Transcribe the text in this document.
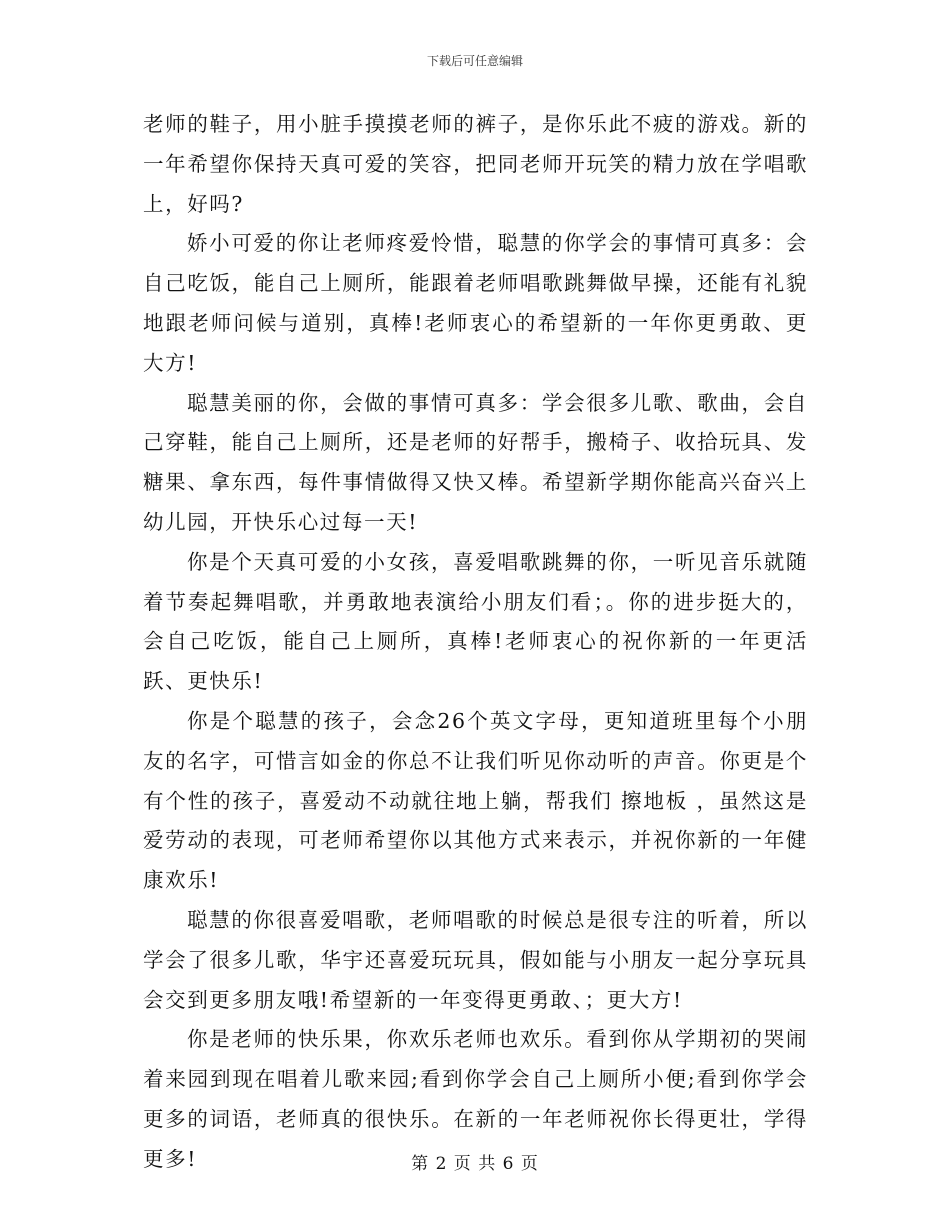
下载后可任意编辑

老师的鞋子，用小脏手摸摸老师的裤子，是你乐此不疲的游戏。新的一年希望你保持天真可爱的笑容，把同老师开玩笑的精力放在学唱歌上，好吗?

娇小可爱的你让老师疼爱怜惜，聪慧的你学会的事情可真多：会自己吃饭，能自己上厕所，能跟着老师唱歌跳舞做早操，还能有礼貌地跟老师问候与道别，真棒!老师衷心的希望新的一年你更勇敢、更大方!

聪慧美丽的你，会做的事情可真多：学会很多儿歌、歌曲，会自己穿鞋，能自己上厕所，还是老师的好帮手，搬椅子、收拾玩具、发糖果、拿东西，每件事情做得又快又棒。希望新学期你能高兴奋兴上幼儿园，开快乐心过每一天!

你是个天真可爱的小女孩，喜爱唱歌跳舞的你，一听见音乐就随着节奏起舞唱歌，并勇敢地表演给小朋友们看；。你的进步挺大的，会自己吃饭，能自己上厕所，真棒!老师衷心的祝你新的一年更活跃、更快乐!

你是个聪慧的孩子，会念26个英文字母，更知道班里每个小朋友的名字，可惜言如金的你总不让我们听见你动听的声音。你更是个有个性的孩子，喜爱动不动就往地上躺，帮我们 擦地板 ，虽然这是爱劳动的表现，可老师希望你以其他方式来表示，并祝你新的一年健康欢乐!

聪慧的你很喜爱唱歌，老师唱歌的时候总是很专注的听着，所以学会了很多儿歌，华宇还喜爱玩玩具，假如能与小朋友一起分享玩具会交到更多朋友哦!希望新的一年变得更勇敢、；更大方!

你是老师的快乐果，你欢乐老师也欢乐。看到你从学期初的哭闹着来园到现在唱着儿歌来园;看到你学会自己上厕所小便;看到你学会更多的词语，老师真的很快乐。在新的一年老师祝你长得更壮，学得更多!	第 2 页 共 6 页
